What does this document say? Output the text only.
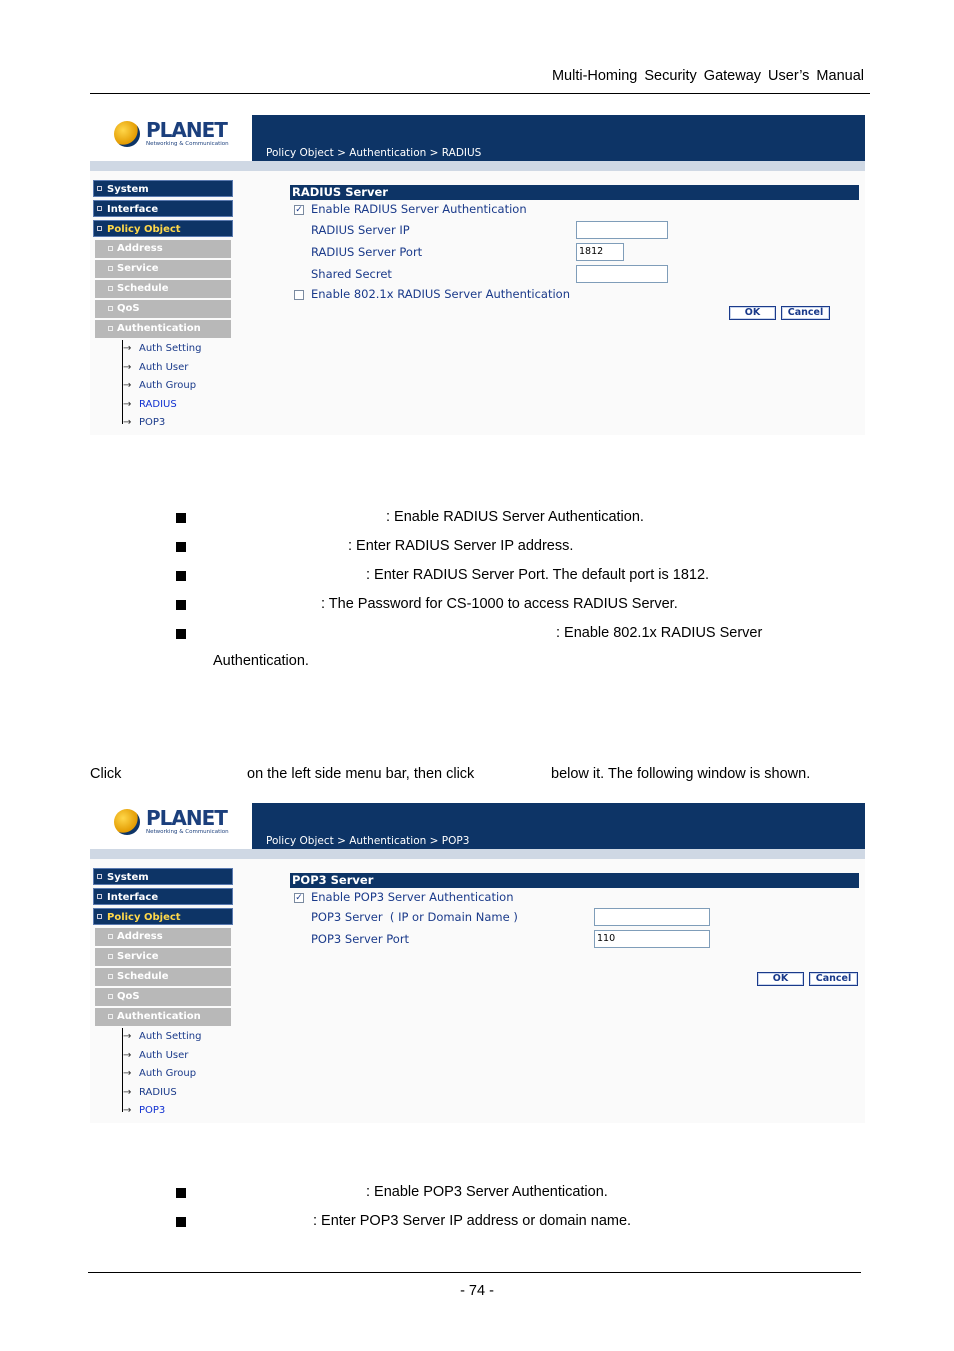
Multi-Homing Security Gateway User’s Manual
PLANET
Networking & Communication
Policy Object > Authentication > RADIUS
System
Interface
Policy Object
Address
Service
Schedule
QoS
Authentication
Auth Setting →
Auth User →
Auth Group →
RADIUS →
POP3 →
RADIUS Server
✓ Enable RADIUS Server Authentication
RADIUS Server IP
RADIUS Server Port	1812
Shared Secret
Enable 802.1x RADIUS Server Authentication
OK	Cancel
: Enable RADIUS Server Authentication.
: Enter RADIUS Server IP address.
: Enter RADIUS Server Port. The default port is 1812.
: The Password for CS-1000 to access RADIUS Server.
: Enable 802.1x RADIUS Server
Authentication.
Click	on the left side menu bar, then click	below it. The following window is shown.
PLANET
Networking & Communication
Policy Object > Authentication > POP3
System
Interface
Policy Object
Address
Service
Schedule
QoS
Authentication
Auth Setting →
Auth User →
Auth Group →
RADIUS →
POP3 →
POP3 Server
✓ Enable POP3 Server Authentication
POP3 Server ( IP or Domain Name )
POP3 Server Port	110
OK	Cancel
: Enable POP3 Server Authentication.
: Enter POP3 Server IP address or domain name.
- 74 -
